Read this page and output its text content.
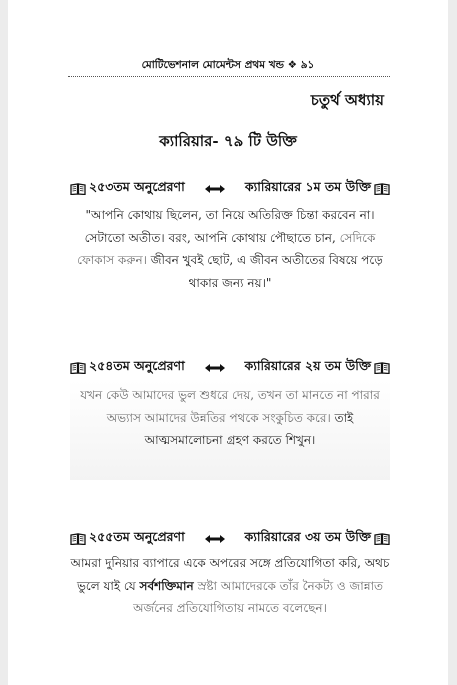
মোটিভেশনাল মোমেন্টস প্রথম খন্ড ❖ ৯১
চতুর্থ অধ্যায়
ক্যারিয়ার- ৭৯ টি উক্তি
২৫৩তম অনুপ্রেরণা	ক্যারিয়ারের ১ম তম উক্তি
"আপনি কোথায় ছিলেন, তা নিয়ে অতিরিক্ত চিন্তা করবেন না। সেটাতো অতীত। বরং, আপনি কোথায় পৌছাতে চান, সেদিকে ফোকাস করুন। জীবন খুবই ছোট, এ জীবন অতীতের বিষয়ে পড়ে থাকার জন্য নয়।"
২৫৪তম অনুপ্রেরণা	ক্যারিয়ারের ২য় তম উক্তি
যখন কেউ আমাদের ভুল শুধরে দেয়, তখন তা মানতে না পারার অভ্যাস আমাদের উন্নতির পথকে সংকুচিত করে। তাই আত্মসমালোচনা গ্রহণ করতে শিখুন।
২৫৫তম অনুপ্রেরণা	ক্যারিয়ারের ৩য় তম উক্তি
আমরা দুনিয়ার ব্যাপারে একে অপরের সঙ্গে প্রতিযোগিতা করি, অথচ ভুলে যাই যে সর্বশক্তিমান স্রষ্টা আমাদেরকে তাঁর নৈকট্য ও জান্নাত অর্জনের প্রতিযোগিতায় নামতে বলেছেন।
